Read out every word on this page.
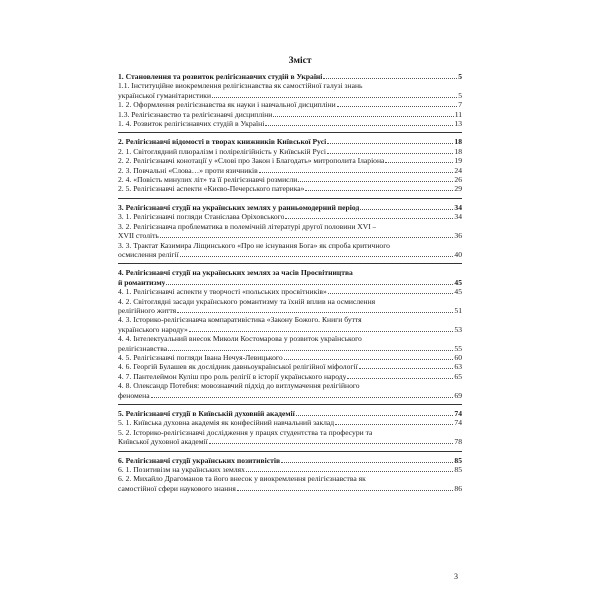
Зміст
1. Становлення та розвиток релігієзнавчих студій в Україні	5
1.1. Інституційне виокремлення релігієзнавства як самостійної галузі знань
української гуманітаристики	5
1. 2. Оформлення релігієзнавства як науки і навчальної дисципліни	7
1.3. Релігієзнавство та релігієзнавчі дисципліни	11
1. 4. Розвиток релігієзнавчих студій в Україні	13
2. Релігієзнавчі відомості в творах книжників Київської Русі	18
2. 1. Світоглядний плюралізм і полірелігійність у Київській Русі	18
2. 2. Релігієзнавчі конотації у «Слові про Закон і Благодать» митрополита Іларіона	19
2. 3. Повчальні «Слова…» проти язичників	24
2. 4. «Повість минулих літ» та її релігієзнавчі розмисли	26
2. 5. Релігієзнавчі аспекти «Києво-Печерського патерика»	29
3. Релігієзнавчі студії на українських землях у ранньомодерний період	34
3. 1. Релігієзнавчі погляди Станіслава Оріховського	34
3. 2. Релігієзнавча проблематика в полемічній літературі другої половини XVI –
XVII століть	36
3. 3. Трактат Казимира Ліщинського «Про не існування Бога» як спроба критичного
осмислення релігії	40
4. Релігієзнавчі студії на українських землях за часів Просвітництва
й романтизму	45
4. 1. Релігієзнавчі аспекти у творчості «польських просвітників»	45
4. 2. Світоглядні засади українського романтизму та їхній вплив на осмислення
релігійного життя	51
4. 3. Історико-релігієзнавча компаративістика «Закону Божого. Книги буття
українського народу»	53
4. 4. Інтелектуальний внесок Миколи Костомарова у розвиток українського
релігієзнавства	55
4. 5. Релігієзнавчі погляди Івана Нечуя-Левицького	60
4. 6. Георгій Булашев як дослідник давньоукраїнської релігійної міфології	63
4. 7. Пантелеймон Куліш про роль релігії в історії українського народу	65
4. 8. Олександр Потебня: мовознавчий підхід до витлумачення релігійного
феномена	69
5. Релігієзнавчі студії в Київській духовній академії	74
5. 1. Київська духовна академія як конфесійний навчальний заклад	74
5. 2. Історико-релігієзнавчі дослідження у працях студентства та професури та
Київської духовної академії	78
6. Релігієзнавчі студії українських позитивістів	85
6. 1. Позитивізм на українських землях	85
6. 2. Михайло Драгоманов та його внесок у виокремлення релігієзнавства як
самостійної сфери наукового знання	86
3
